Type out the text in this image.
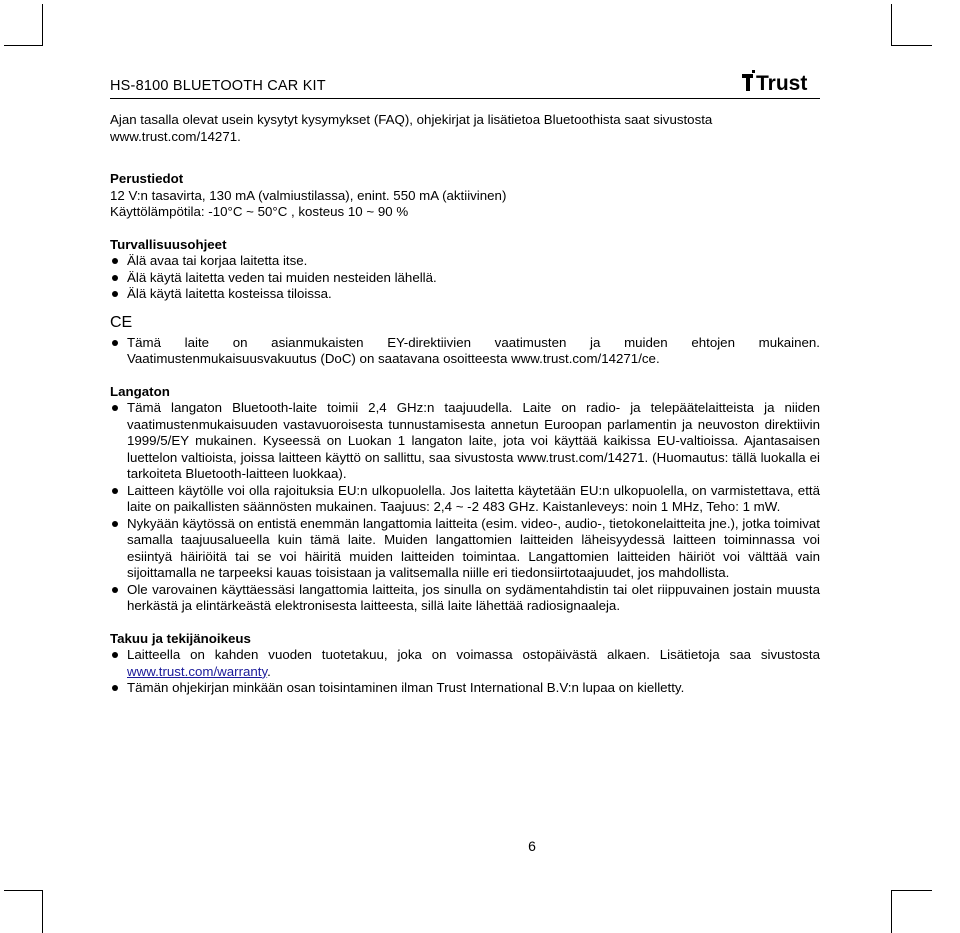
HS-8100 BLUETOOTH CAR KIT	Trust

Ajan tasalla olevat usein kysytyt kysymykset (FAQ), ohjekirjat ja lisätietoa Bluetoothista saat sivustosta

www.trust.com/14271.

Perustiedot

12 V:n tasavirta, 130 mA (valmiustilassa), enint. 550 mA (aktiivinen)

Käyttölämpötila: -10°C ~ 50°C , kosteus 10 ~ 90 %

Turvallisuusohjeet

Älä avaa tai korjaa laitetta itse.
Älä käytä laitetta veden tai muiden nesteiden lähellä.
Älä käytä laitetta kosteissa tiloissa.
CE
Tämä laite on asianmukaisten EY-direktiivien vaatimusten ja muiden ehtojen mukainen. Vaatimustenmukaisuusvakuutus (DoC) on saatavana osoitteesta www.trust.com/14271/ce.

Langaton

Tämä langaton Bluetooth-laite toimii 2,4 GHz:n taajuudella. Laite on radio- ja telepäätelaitteista ja niiden vaatimustenmukaisuuden vastavuoroisesta tunnustamisesta annetun Euroopan parlamentin ja neuvoston direktiivin 1999/5/EY mukainen. Kyseessä on Luokan 1 langaton laite, jota voi käyttää kaikissa EU-valtioissa. Ajantasaisen luettelon valtioista, joissa laitteen käyttö on sallittu, saa sivustosta www.trust.com/14271. (Huomautus: tällä luokalla ei tarkoiteta Bluetooth-laitteen luokkaa).
Laitteen käytölle voi olla rajoituksia EU:n ulkopuolella. Jos laitetta käytetään EU:n ulkopuolella, on varmistettava, että laite on paikallisten säännösten mukainen. Taajuus: 2,4 ~ -2 483 GHz. Kaistanleveys: noin 1 MHz, Teho: 1 mW.
Nykyään käytössä on entistä enemmän langattomia laitteita (esim. video-, audio-, tietokonelaitteita jne.), jotka toimivat samalla taajuusalueella kuin tämä laite. Muiden langattomien laitteiden läheisyydessä laitteen toiminnassa voi esiintyä häiriöitä tai se voi häiritä muiden laitteiden toimintaa. Langattomien laitteiden häiriöt voi välttää vain sijoittamalla ne tarpeeksi kauas toisistaan ja valitsemalla niille eri tiedonsiirtotaajuudet, jos mahdollista.
Ole varovainen käyttäessäsi langattomia laitteita, jos sinulla on sydämentahdistin tai olet riippuvainen jostain muusta herkästä ja elintärkeästä elektronisesta laitteesta, sillä laite lähettää radiosignaaleja.

Takuu ja tekijänoikeus

Laitteella on kahden vuoden tuotetakuu, joka on voimassa ostopäivästä alkaen. Lisätietoja saa sivustosta www.trust.com/warranty.
Tämän ohjekirjan minkään osan toisintaminen ilman Trust International B.V:n lupaa on kielletty.
6
